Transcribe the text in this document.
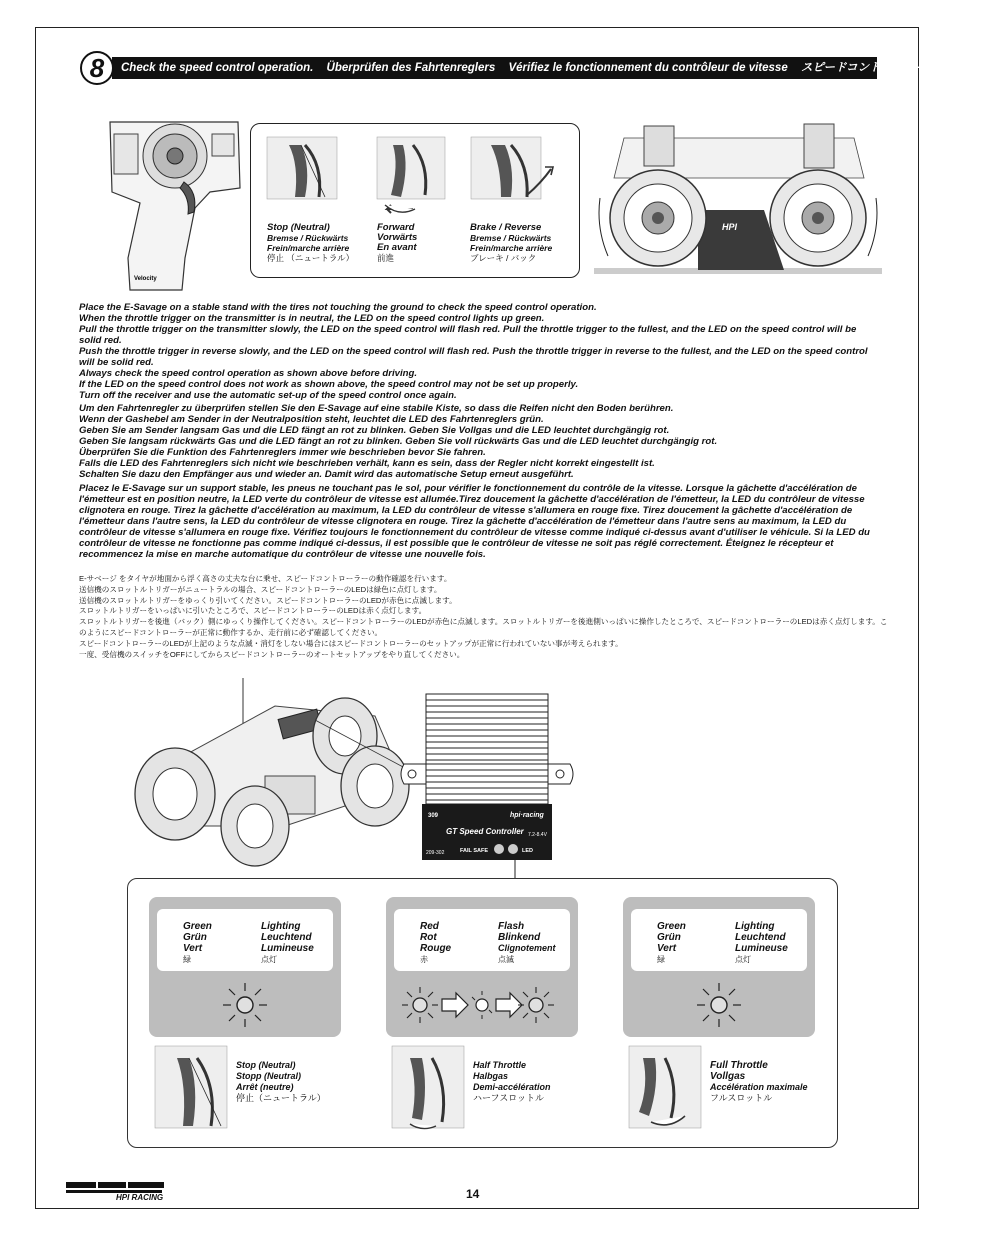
8	Check the speed control operation. Überprüfen des Fahrtenreglers Vérifiez le fonctionnement du contrôleur de vitesse スピードコントローラーの動作確認
Velocity
Stop (Neutral)
Bremse / Rückwärts
Frein/marche arrière
停止 （ニュートラル）
Forward
Vorwärts
En avant
前進
Brake / Reverse
Bremse / Rückwärts
Frein/marche arrière
ブレーキ / バック
HPI

Place the E-Savage on a stable stand with the tires not touching the ground to check the speed control operation.

When the throttle trigger on the transmitter is in neutral, the LED on the speed control lights up green.

Pull the throttle trigger on the transmitter slowly, the LED on the speed control will flash red. Pull the throttle trigger to the fullest, and the LED on the speed control will be solid red.

Push the throttle trigger in reverse slowly, and the LED on the speed control will flash red. Push the throttle trigger in reverse to the fullest, and the LED on the speed control will be solid red.

Always check the speed control operation as shown above before driving.

If the LED on the speed control does not work as shown above, the speed control may not be set up properly.

Turn off the receiver and use the automatic set-up of the speed control once again.

Um den Fahrtenregler zu überprüfen stellen Sie den E-Savage auf eine stabile Kiste, so dass die Reifen nicht den Boden berühren.

Wenn der Gashebel am Sender in der Neutralposition steht, leuchtet die LED des Fahrtenreglers grün.

Geben Sie am Sender langsam Gas und die LED fängt an rot zu blinken. Geben Sie Vollgas und die LED leuchtet durchgängig rot.

Geben Sie langsam rückwärts Gas und die LED fängt an rot zu blinken. Geben Sie voll rückwärts Gas und die LED leuchtet durchgängig rot.

Überprüfen Sie die Funktion des Fahrtenreglers immer wie beschrieben bevor Sie fahren.

Falls die LED des Fahrtenreglers sich nicht wie beschrieben verhält, kann es sein, dass der Regler nicht korrekt eingestellt ist.

Schalten Sie dazu den Empfänger aus und wieder an. Damit wird das automatische Setup erneut ausgeführt.

Placez le E-Savage sur un support stable, les pneus ne touchant pas le sol, pour vérifier le fonctionnement du contrôle de la vitesse. Lorsque la gâchette d'accélération de l'émetteur est en position neutre, la LED verte du contrôleur de vitesse est allumée.Tirez doucement la gâchette d'accélération de l'émetteur, la LED du contrôleur de vitesse clignotera en rouge. Tirez la gâchette d'accélération au maximum, la LED du contrôleur de vitesse s'allumera en rouge fixe. Tirez doucement la gâchette d'accélération de l'émetteur dans l'autre sens, la LED du contrôleur de vitesse clignotera en rouge. Tirez la gâchette d'accélération de l'émetteur dans l'autre sens au maximum, la LED du contrôleur de vitesse s'allumera en rouge fixe. Vérifiez toujours le fonctionnement du contrôleur de vitesse comme indiqué ci-dessus avant d'utiliser le véhicule. Si la LED du contrôleur de vitesse ne fonctionne pas comme indiqué ci-dessus, il est possible que le contrôleur de vitesse ne soit pas réglé correctement. Éteignez le récepteur et recommencez la mise en marche automatique du contrôleur de vitesse une nouvelle fois.

E-サベージ をタイヤが地面から浮く高さの丈夫な台に乗せ、スピードコントローラーの動作確認を行います。

送信機のスロットルトリガーがニュートラルの場合、スピードコントローラーのLEDは緑色に点灯します。

送信機のスロットルトリガーをゆっくり引いてください。スピードコントローラーのLEDが赤色に点滅します。

スロットルトリガーをいっぱいに引いたところで、スピードコントローラーのLEDは赤く点灯します。

スロットルトリガーを後進（バック）側にゆっくり操作してください。スピードコントローラーのLEDが赤色に点滅します。スロットルトリガーを後進側いっぱいに操作したところで、スピードコントローラーのLEDは赤く点灯します。このようにスピードコントローラーが正常に動作するか、走行前に必ず確認してください。

スピードコントローラーのLEDが上記のような点滅・消灯をしない場合にはスピードコントローラーのセットアップが正常に行われていない事が考えられます。

一度、受信機のスイッチをOFFにしてからスピードコントローラーのオートセットアップをやり直してください。

309	hpi·racing
GT Speed Controller 7.2-8.4V
209-302	FAIL SAFE	LED
Green
Grün
Vert
緑
Lighting
Leuchtend
Lumineuse
点灯
Red
Rot
Rouge
赤
Flash
Blinkend
Clignotement
点滅
Green
Grün
Vert
緑
Lighting
Leuchtend
Lumineuse
点灯
Stop (Neutral)
Stopp (Neutral)
Arrêt (neutre)
停止（ニュートラル）
Half Throttle
Halbgas
Demi-accélération
ハーフスロットル
Full Throttle
Vollgas
Accélération maximale
フルスロットル
HPI RACING	14
